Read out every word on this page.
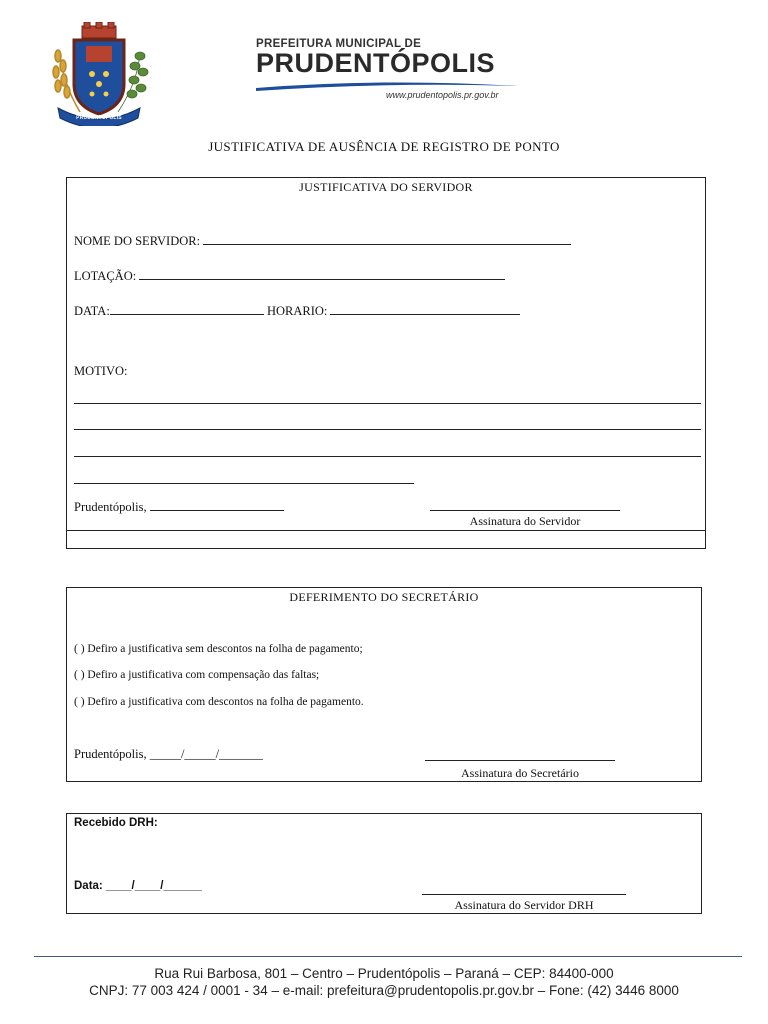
PRUDENTÓPOLIS
PREFEITURA MUNICIPAL DE
PRUDENTÓPOLIS
www.prudentopolis.pr.gov.br
JUSTIFICATIVA DE AUSÊNCIA DE REGISTRO DE PONTO
JUSTIFICATIVA DO SERVIDOR
NOME DO SERVIDOR:
LOTAÇÃO:
DATA:	HORARIO:
MOTIVO:
Prudentópolis,
Assinatura do Servidor
DEFERIMENTO DO SECRETÁRIO
( ) Defiro a justificativa sem descontos na folha de pagamento;
( ) Defiro a justificativa com compensação das faltas;
( ) Defiro a justificativa com descontos na folha de pagamento.
Prudentópolis, _____/_____/_______
Assinatura do Secretário
Recebido DRH:
Data: ____/____/______
Assinatura do Servidor DRH
Rua Rui Barbosa, 801 – Centro – Prudentópolis – Paraná – CEP: 84400-000
CNPJ: 77 003 424 / 0001 - 34 – e-mail: prefeitura@prudentopolis.pr.gov.br – Fone: (42) 3446 8000
